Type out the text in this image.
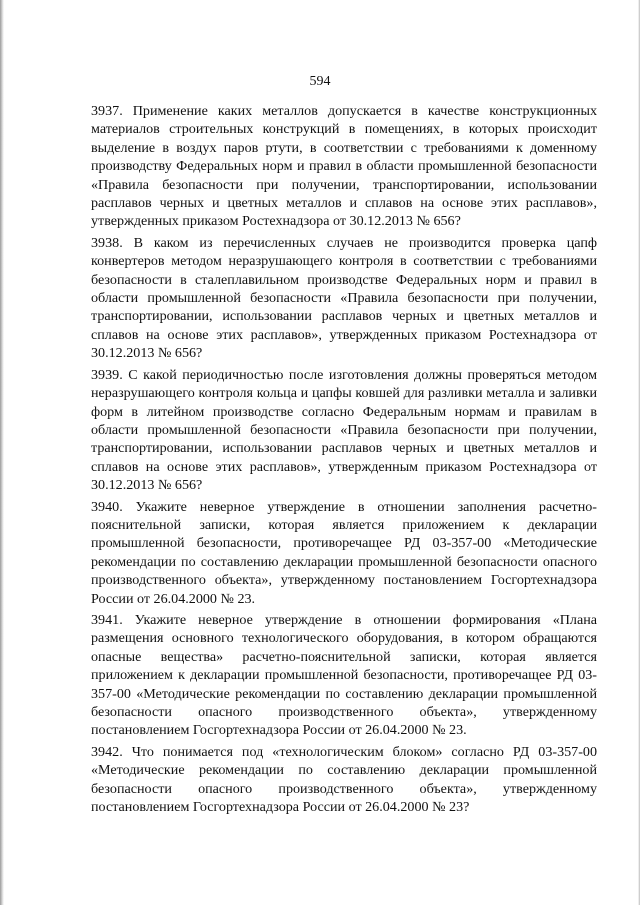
594

3937. Применение каких металлов допускается в качестве конструкционных материалов строительных конструкций в помещениях, в которых происходит выделение в воздух паров ртути, в соответствии с требованиями к доменному производству Федеральных норм и правил в области промышленной безопасности «Правила безопасности при получении, транспортировании, использовании расплавов черных и цветных металлов и сплавов на основе этих расплавов», утвержденных приказом Ростехнадзора от 30.12.2013 № 656?

3938. В каком из перечисленных случаев не производится проверка цапф конвертеров методом неразрушающего контроля в соответствии с требованиями безопасности в сталеплавильном производстве Федеральных норм и правил в области промышленной безопасности «Правила безопасности при получении, транспортировании, использовании расплавов черных и цветных металлов и сплавов на основе этих расплавов», утвержденных приказом Ростехнадзора от 30.12.2013 № 656?

3939. С какой периодичностью после изготовления должны проверяться методом неразрушающего контроля кольца и цапфы ковшей для разливки металла и заливки форм в литейном производстве согласно Федеральным нормам и правилам в области промышленной безопасности «Правила безопасности при получении, транспортировании, использовании расплавов черных и цветных металлов и сплавов на основе этих расплавов», утвержденным приказом Ростехнадзора от 30.12.2013 № 656?

3940. Укажите неверное утверждение в отношении заполнения расчетно-пояснительной записки, которая является приложением к декларации промышленной безопасности, противоречащее РД 03-357-00 «Методические рекомендации по составлению декларации промышленной безопасности опасного производственного объекта», утвержденному постановлением Госгортехнадзора России от 26.04.2000 № 23.

3941. Укажите неверное утверждение в отношении формирования «Плана размещения основного технологического оборудования, в котором обращаются опасные вещества» расчетно-пояснительной записки, которая является приложением к декларации промышленной безопасности, противоречащее РД 03-357-00 «Методические рекомендации по составлению декларации промышленной безопасности опасного производственного объекта», утвержденному постановлением Госгортехнадзора России от 26.04.2000 № 23.

3942. Что понимается под «технологическим блоком» согласно РД 03-357-00 «Методические рекомендации по составлению декларации промышленной безопасности опасного производственного объекта», утвержденному постановлением Госгортехнадзора России от 26.04.2000 № 23?
